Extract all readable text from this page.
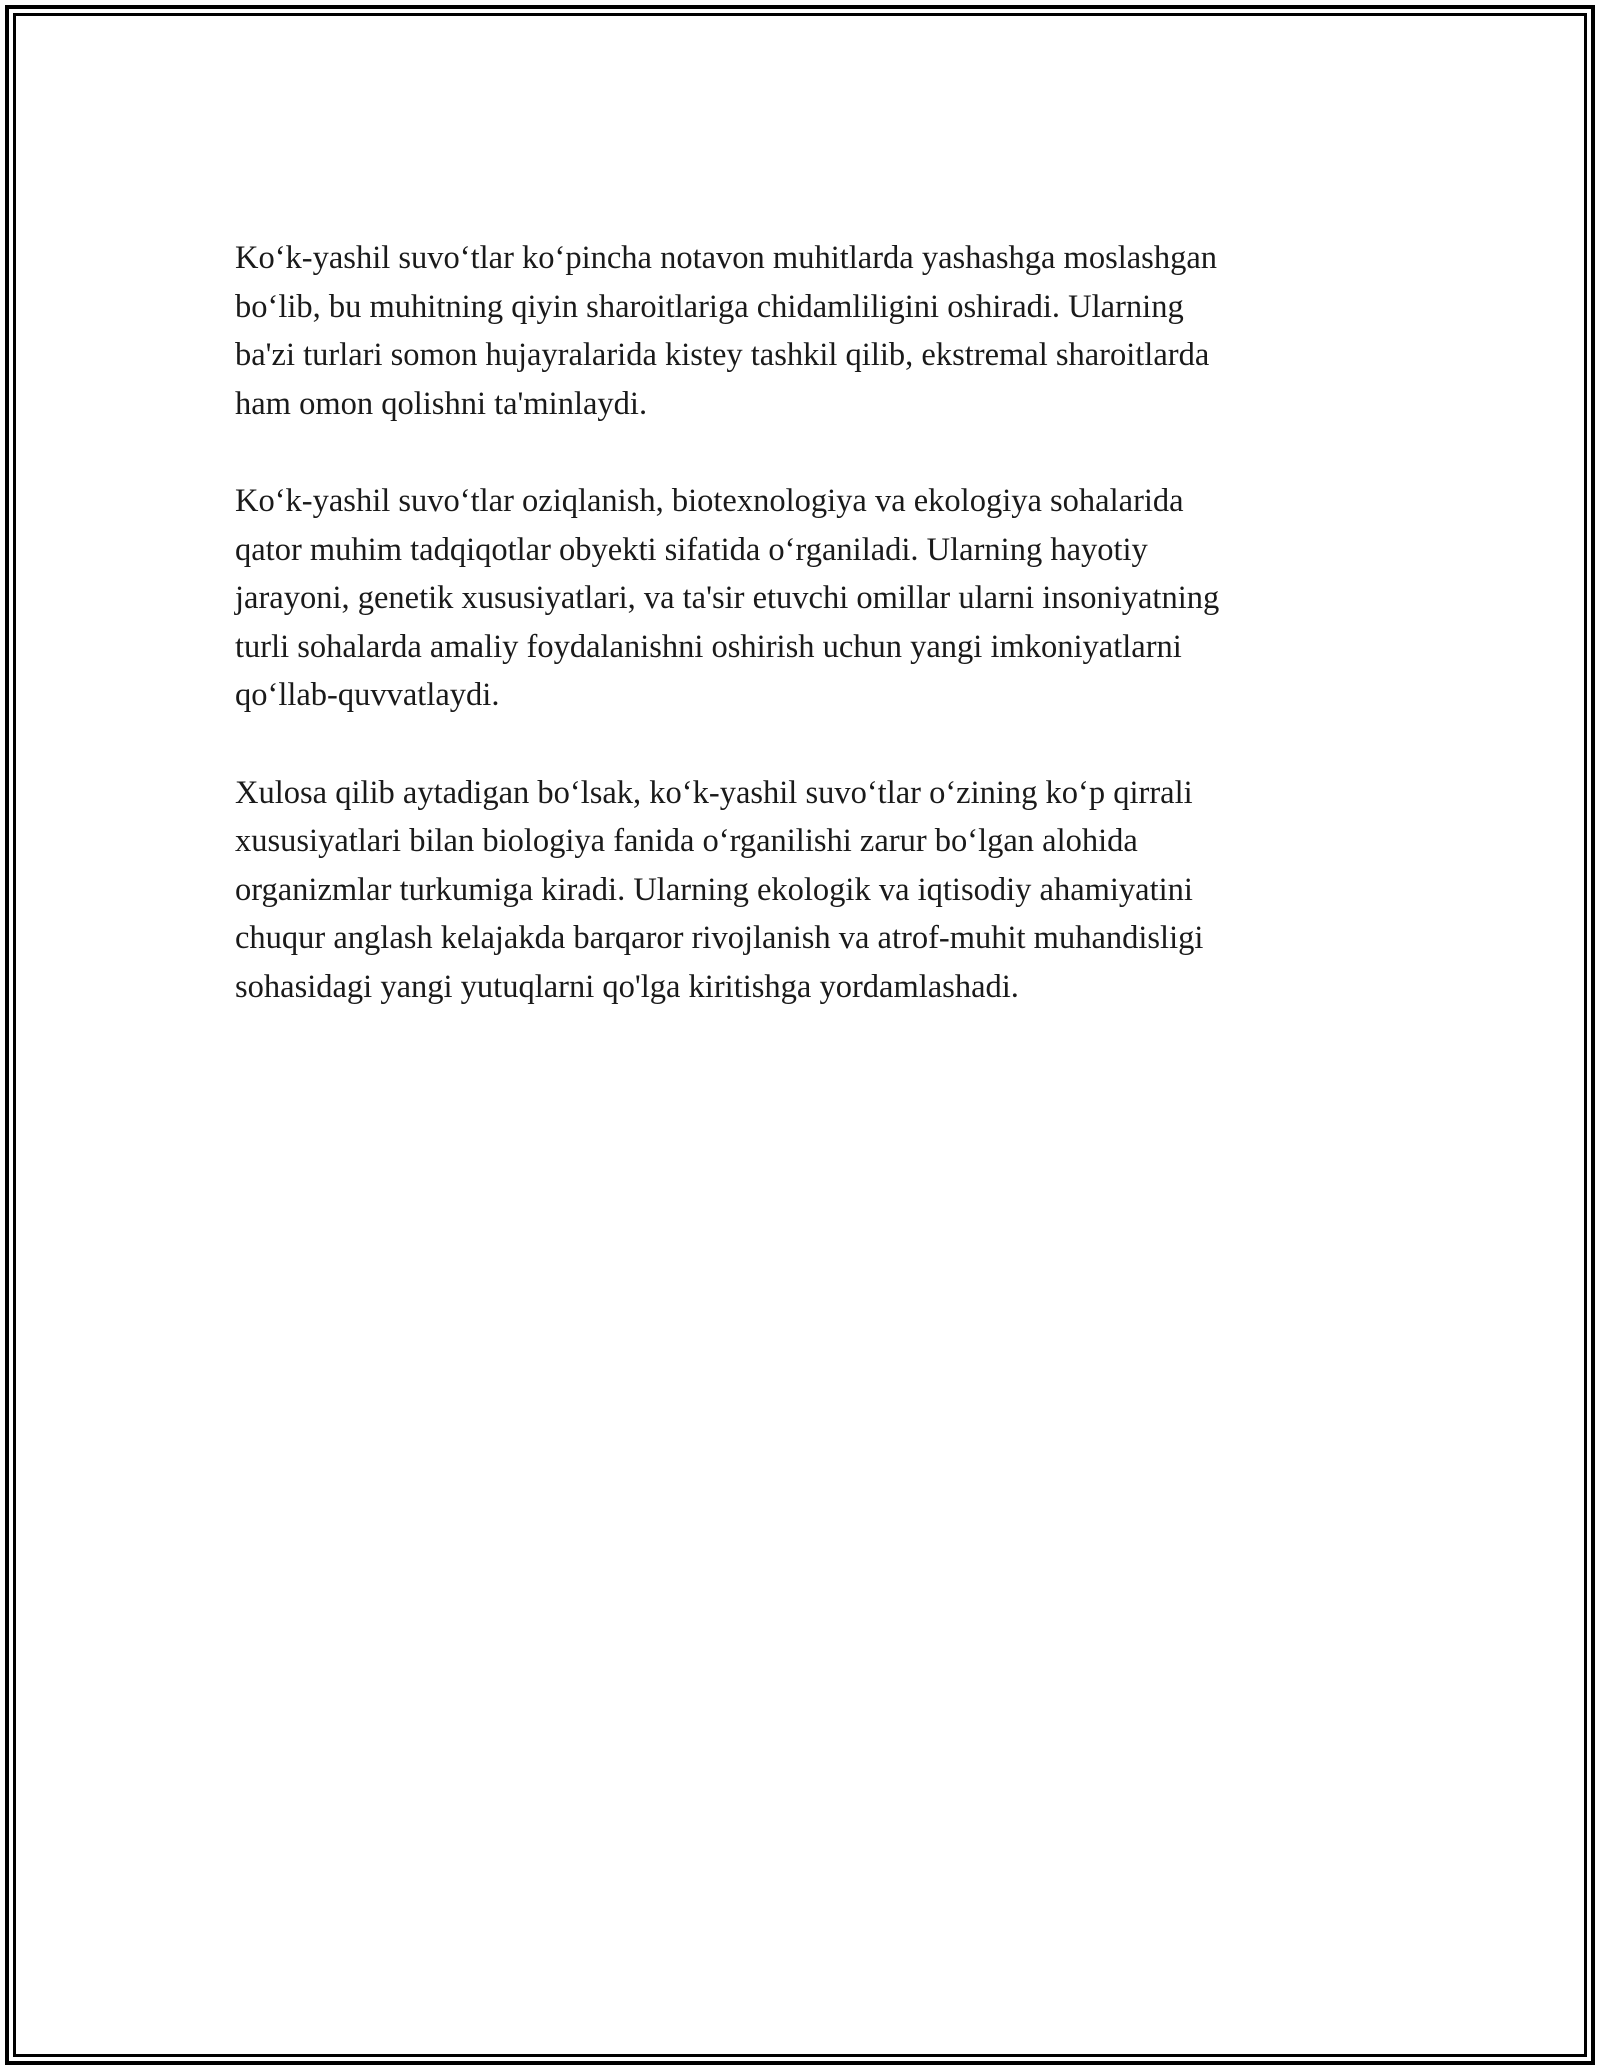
Koʻk-yashil suvoʻtlar koʻpincha notavon muhitlarda yashashga moslashgan
boʻlib, bu muhitning qiyin sharoitlariga chidamliligini oshiradi. Ularning
ba'zi turlari somon hujayralarida kistey tashkil qilib, ekstremal sharoitlarda
ham omon qolishni ta'minlaydi.

Koʻk-yashil suvoʻtlar oziqlanish, biotexnologiya va ekologiya sohalarida
qator muhim tadqiqotlar obyekti sifatida oʻrganiladi. Ularning hayotiy
jarayoni, genetik xususiyatlari, va ta'sir etuvchi omillar ularni insoniyatning
turli sohalarda amaliy foydalanishni oshirish uchun yangi imkoniyatlarni
qoʻllab-quvvatlaydi.

Xulosa qilib aytadigan boʻlsak, koʻk-yashil suvoʻtlar oʻzining koʻp qirrali
xususiyatlari bilan biologiya fanida oʻrganilishi zarur boʻlgan alohida
organizmlar turkumiga kiradi. Ularning ekologik va iqtisodiy ahamiyatini
chuqur anglash kelajakda barqaror rivojlanish va atrof-muhit muhandisligi
sohasidagi yangi yutuqlarni qo'lga kiritishga yordamlashadi.
